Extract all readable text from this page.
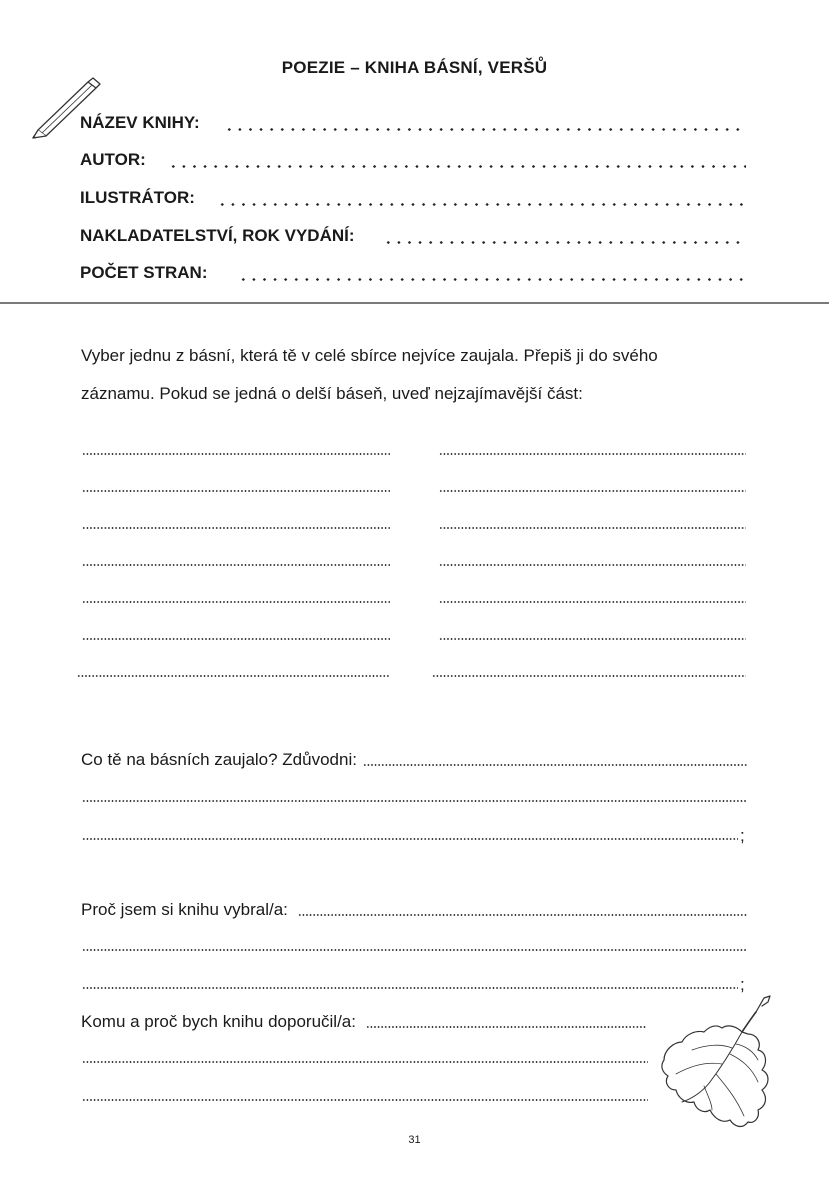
POEZIE – KNIHA BÁSNÍ, VERŠŮ
NÁZEV KNIHY:
AUTOR:
ILUSTRÁTOR:
NAKLADATELSTVÍ, ROK VYDÁNÍ:
POČET STRAN:
Vyber jednu z básní, která tě v celé sbírce nejvíce zaujala. Přepiš ji do svého
záznamu. Pokud se jedná o delší báseň, uveď nejzajímavější část:
Co tě na básních zaujalo? Zdůvodni:
;
Proč jsem si knihu vybral/a:
;
Komu a proč bych knihu doporučil/a:
31
